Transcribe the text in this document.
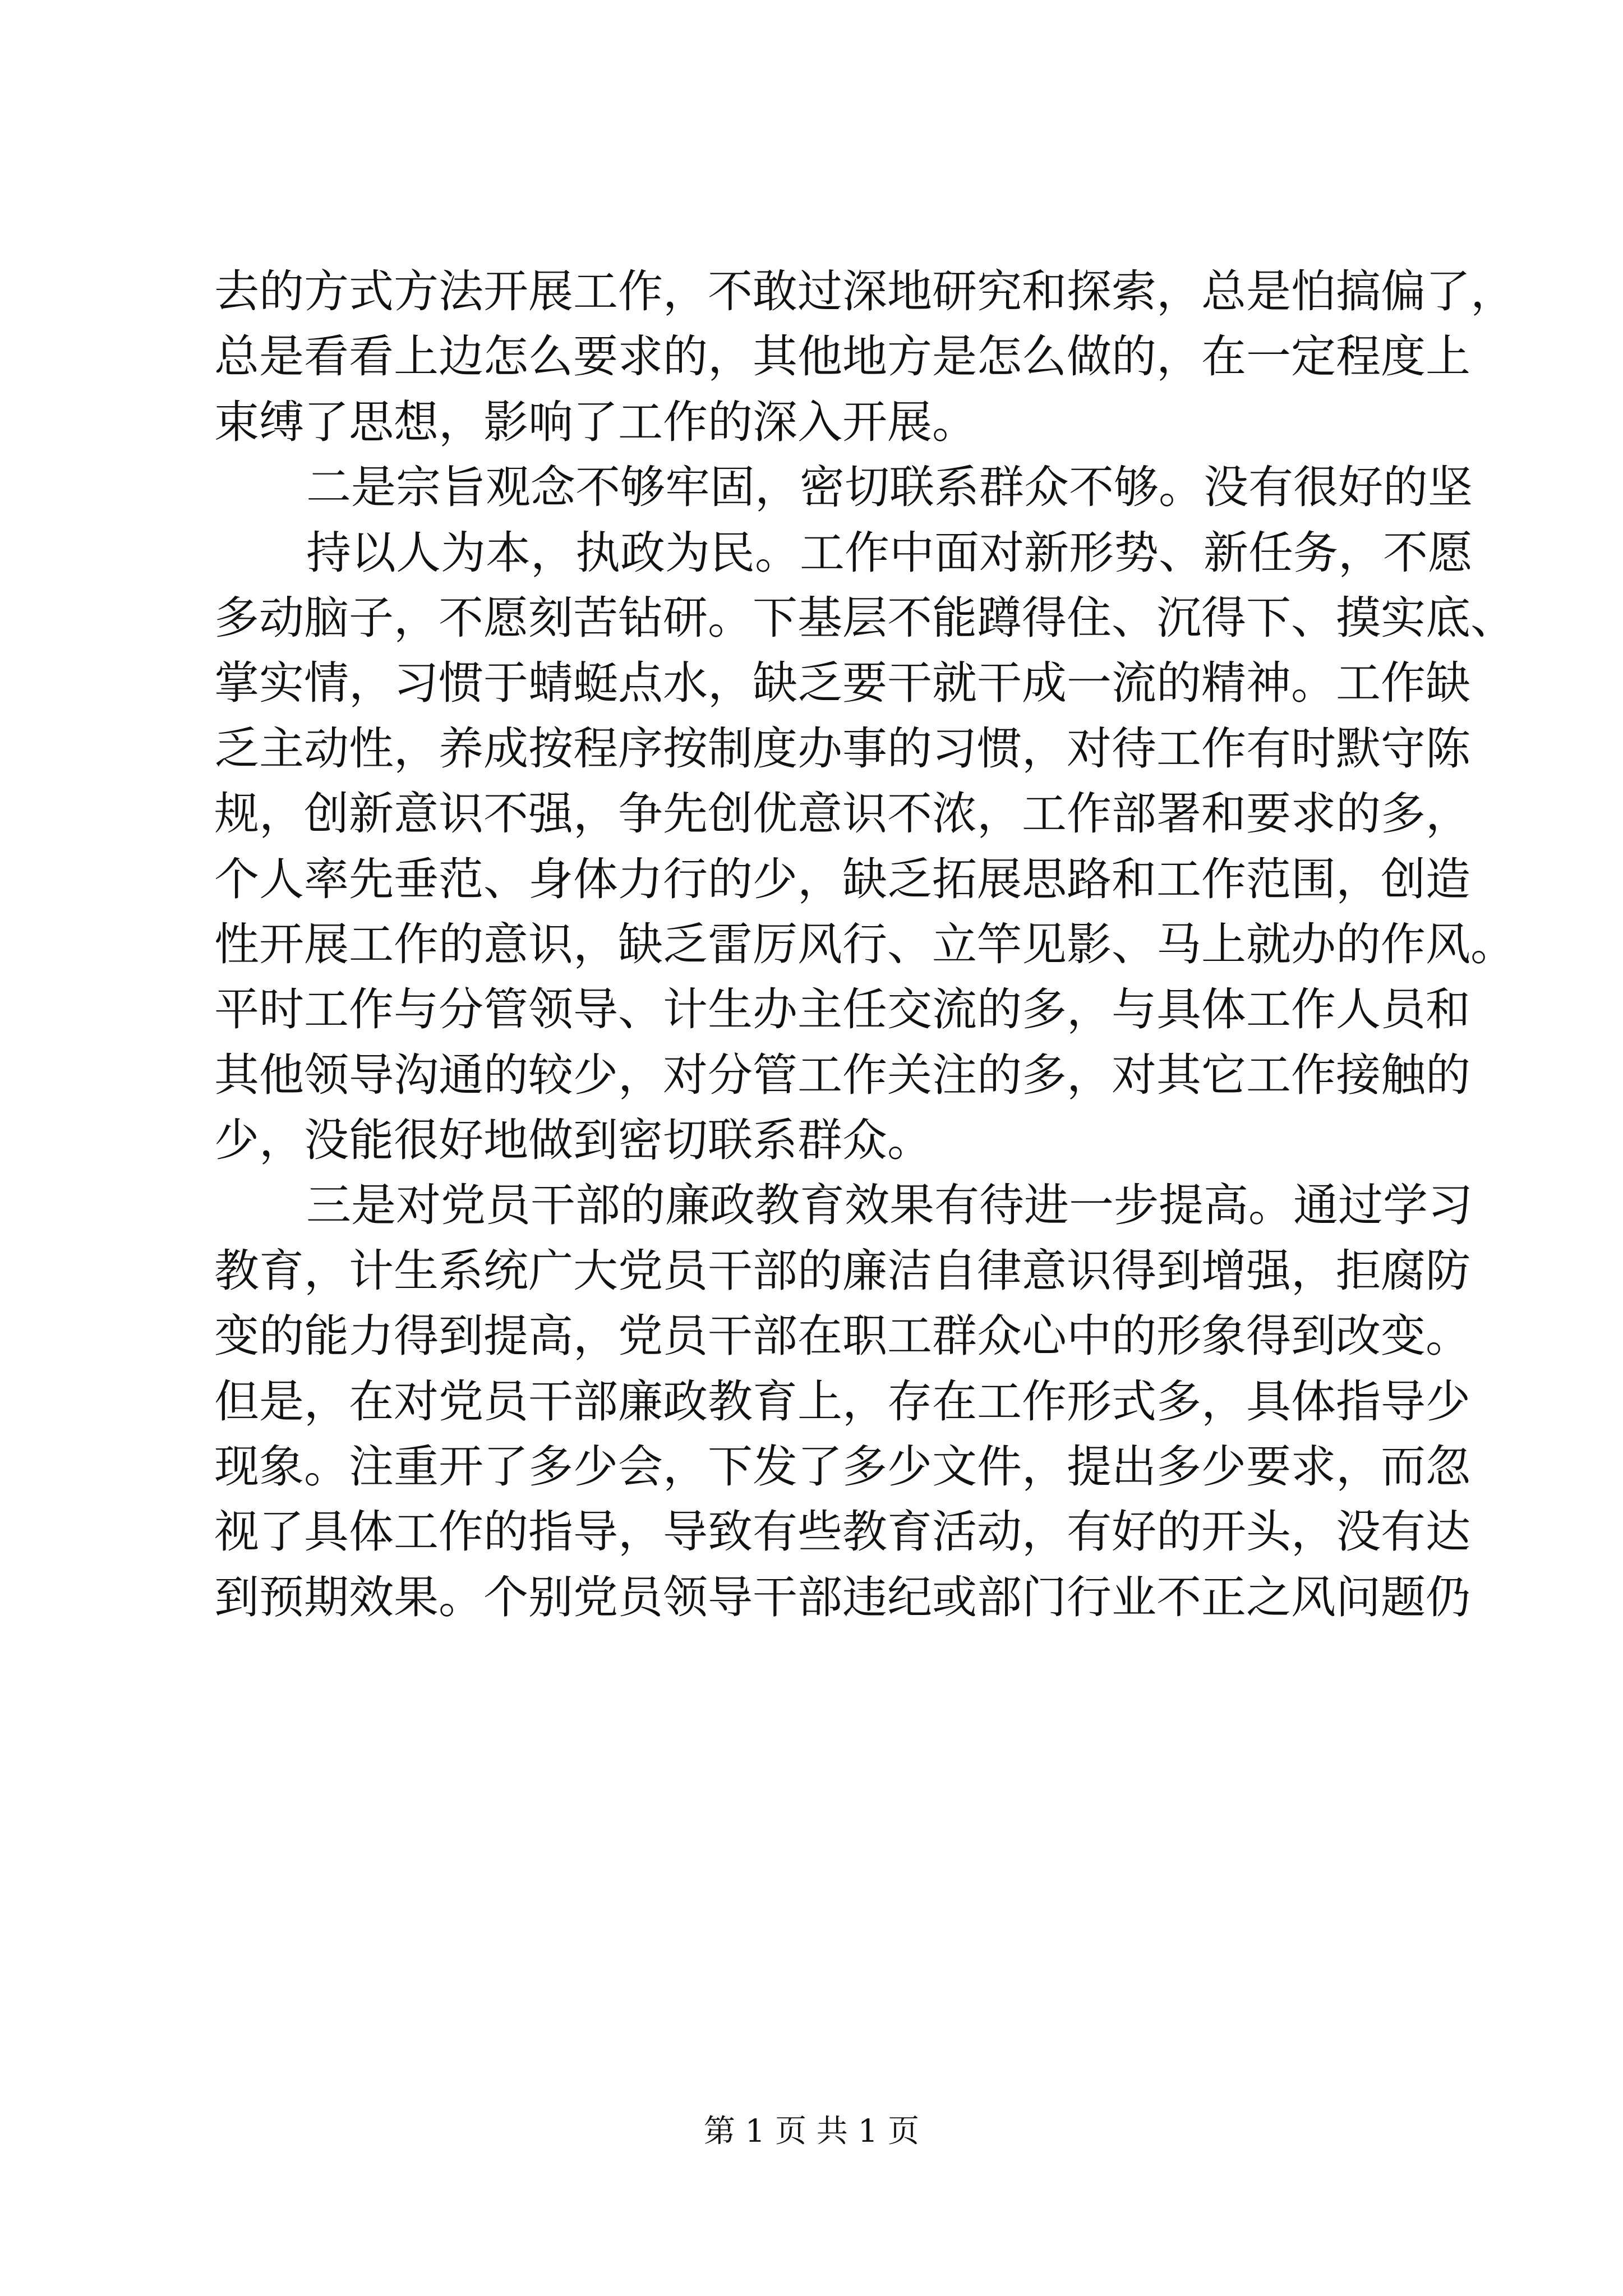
去的方式方法开展工作，不敢过深地研究和探索，总是怕搞偏了，
总是看看上边怎么要求的，其他地方是怎么做的，在一定程度上
束缚了思想，影响了工作的深入开展。
二是宗旨观念不够牢固，密切联系群众不够。没有很好的坚
持以人为本，执政为民。工作中面对新形势、新任务，不愿
多动脑子，不愿刻苦钻研。下基层不能蹲得住、沉得下、摸实底、
掌实情，习惯于蜻蜓点水，缺乏要干就干成一流的精神。工作缺
乏主动性，养成按程序按制度办事的习惯，对待工作有时默守陈
规，创新意识不强，争先创优意识不浓，工作部署和要求的多，
个人率先垂范、身体力行的少，缺乏拓展思路和工作范围，创造
性开展工作的意识，缺乏雷厉风行、立竿见影、马上就办的作风。
平时工作与分管领导、计生办主任交流的多，与具体工作人员和
其他领导沟通的较少，对分管工作关注的多，对其它工作接触的
少，没能很好地做到密切联系群众。
三是对党员干部的廉政教育效果有待进一步提高。通过学习
教育，计生系统广大党员干部的廉洁自律意识得到增强，拒腐防
变的能力得到提高，党员干部在职工群众心中的形象得到改变。
但是，在对党员干部廉政教育上，存在工作形式多，具体指导少
现象。注重开了多少会，下发了多少文件，提出多少要求，而忽
视了具体工作的指导，导致有些教育活动，有好的开头，没有达
到预期效果。个别党员领导干部违纪或部门行业不正之风问题仍
第 1 页 共 1 页
